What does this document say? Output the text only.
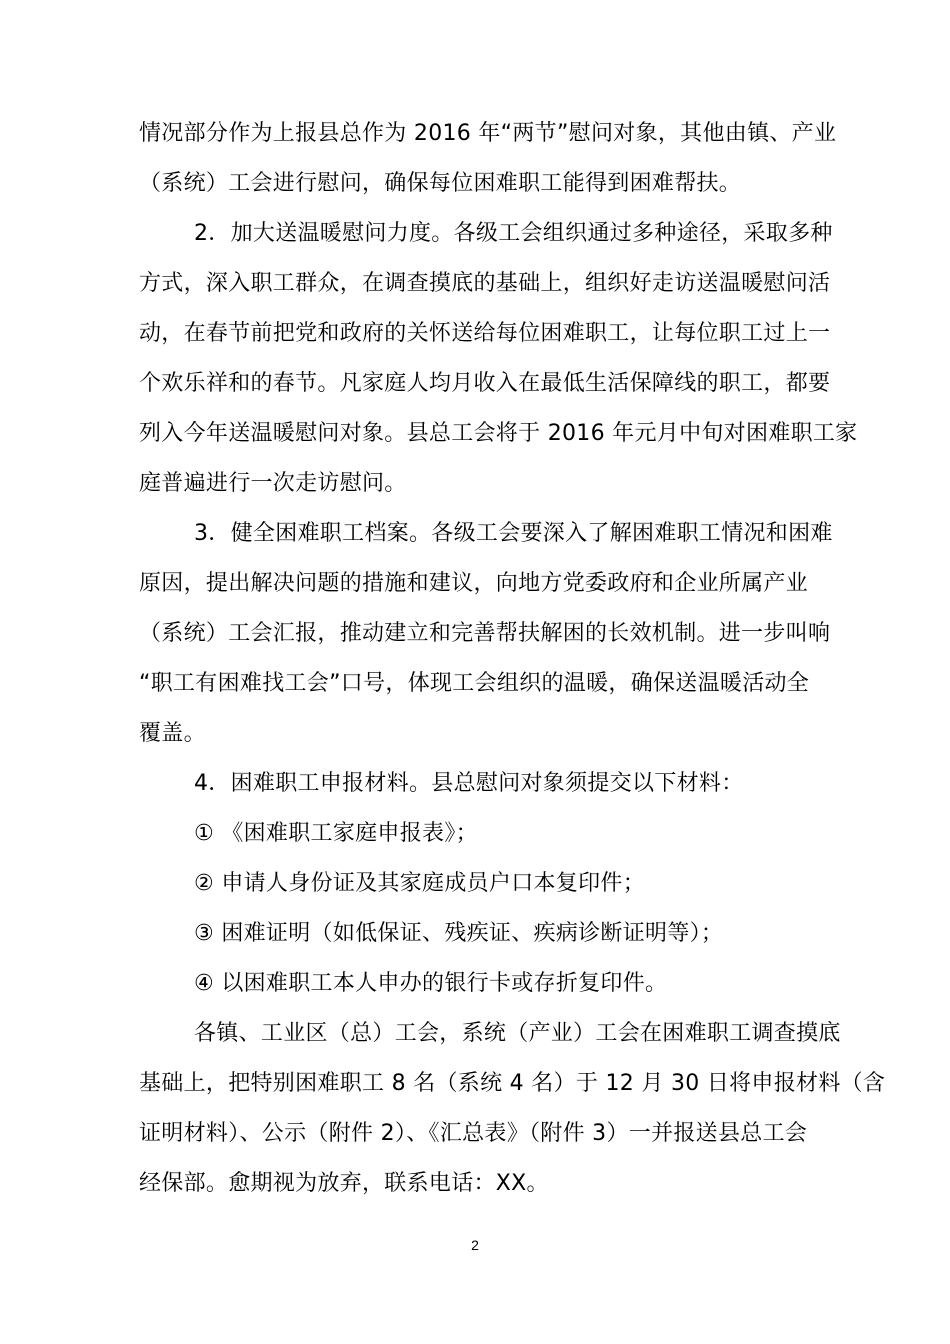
情况部分作为上报县总作为 2016 年“两节”慰问对象，其他由镇、产业
（系统）工会进行慰问，确保每位困难职工能得到困难帮扶。
2．加大送温暖慰问力度。各级工会组织通过多种途径，采取多种
方式，深入职工群众，在调查摸底的基础上，组织好走访送温暖慰问活
动，在春节前把党和政府的关怀送给每位困难职工，让每位职工过上一
个欢乐祥和的春节。凡家庭人均月收入在最低生活保障线的职工，都要
列入今年送温暖慰问对象。县总工会将于 2016 年元月中旬对困难职工家
庭普遍进行一次走访慰问。
3．健全困难职工档案。各级工会要深入了解困难职工情况和困难
原因，提出解决问题的措施和建议，向地方党委政府和企业所属产业
（系统）工会汇报，推动建立和完善帮扶解困的长效机制。进一步叫响
“职工有困难找工会”口号，体现工会组织的温暖，确保送温暖活动全
覆盖。
4．困难职工申报材料。县总慰问对象须提交以下材料：
① 《困难职工家庭申报表》；
② 申请人身份证及其家庭成员户口本复印件；
③ 困难证明（如低保证、残疾证、疾病诊断证明等）；
④ 以困难职工本人申办的银行卡或存折复印件。
各镇、工业区（总）工会，系统（产业）工会在困难职工调查摸底
基础上，把特别困难职工 8 名（系统 4 名）于 12 月 30 日将申报材料（含
证明材料）、公示（附件 2）、《汇总表》（附件 3）一并报送县总工会
经保部。愈期视为放弃，联系电话：XX。
2
